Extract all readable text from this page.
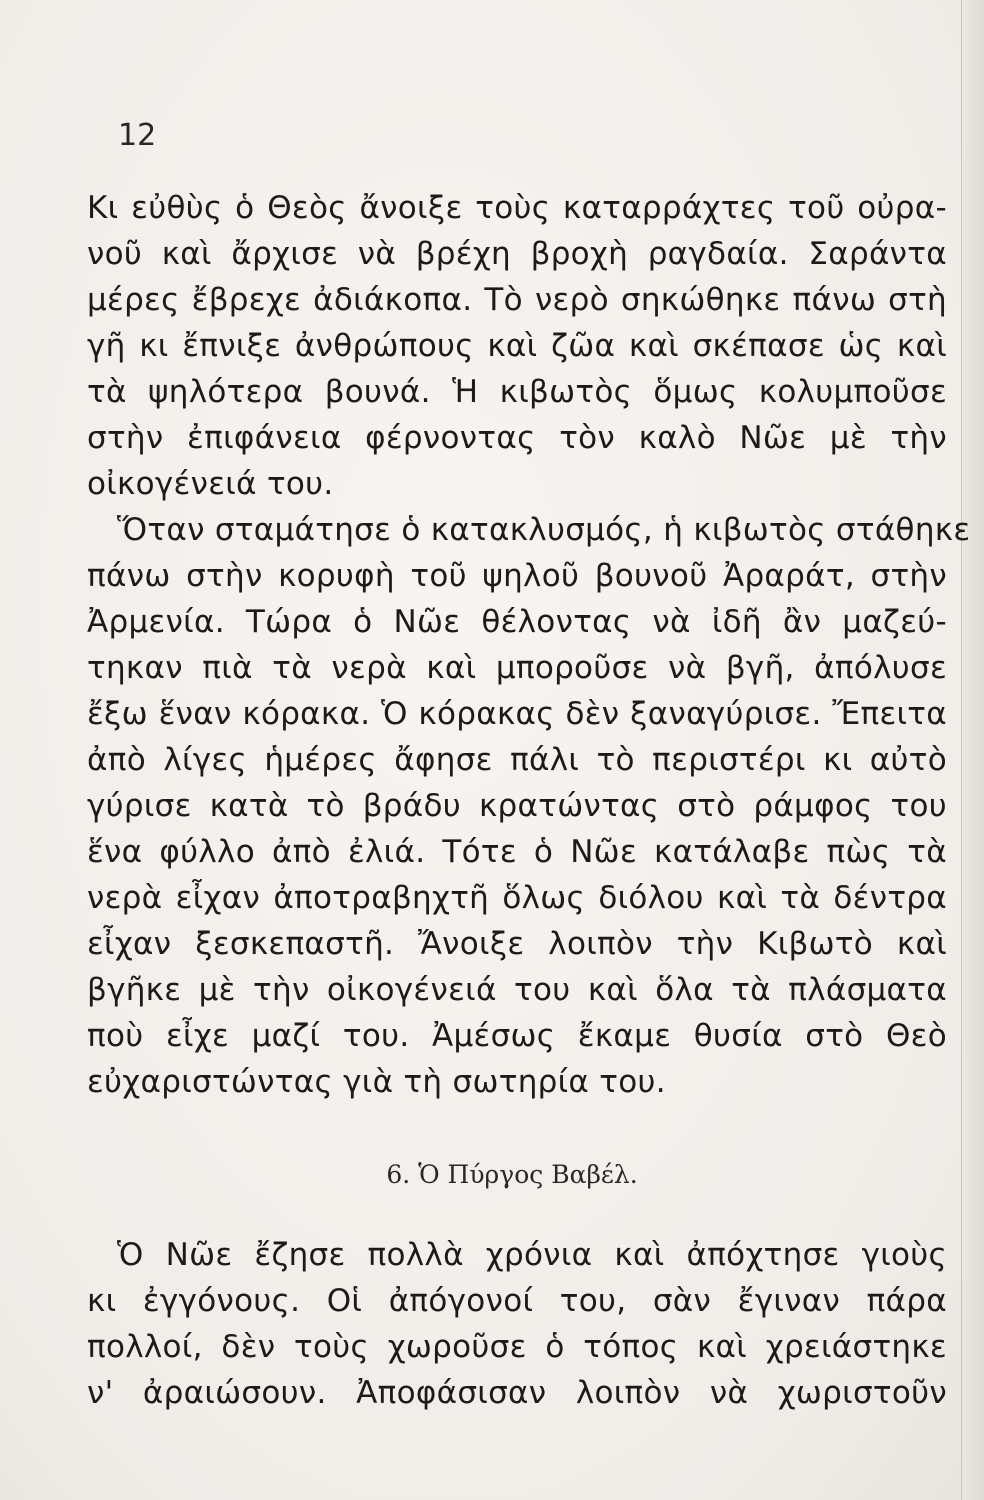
12
Κι εὐθὺς ὁ Θεὸς ἄνοιξε τοὺς καταρράχτες τοῦ οὐρα-
νοῦ καὶ ἄρχισε νὰ βρέχη βροχὴ ραγδαία. Σαράντα
μέρες ἔβρεχε ἀδιάκοπα. Τὸ νερὸ σηκώθηκε πάνω στὴ
γῆ κι ἔπνιξε ἀνθρώπους καὶ ζῶα καὶ σκέπασε ὡς καὶ
τὰ ψηλότερα βουνά. Ἡ κιβωτὸς ὅμως κολυμποῦσε
στὴν ἐπιφάνεια φέρνοντας τὸν καλὸ Νῶε μὲ τὴν
οἰκογένειά του.
Ὅταν σταμάτησε ὁ κατακλυσμός, ἡ κιβωτὸς στάθηκε
πάνω στὴν κορυφὴ τοῦ ψηλοῦ βουνοῦ Ἀραράτ, στὴν
Ἀρμενία. Τώρα ὁ Νῶε θέλοντας νὰ ἰδῆ ἂν μαζεύ-
τηκαν πιὰ τὰ νερὰ καὶ μποροῦσε νὰ βγῆ, ἀπόλυσε
ἔξω ἕναν κόρακα. Ὁ κόρακας δὲν ξαναγύρισε. Ἔπειτα
ἀπὸ λίγες ἡμέρες ἄφησε πάλι τὸ περιστέρι κι αὐτὸ
γύρισε κατὰ τὸ βράδυ κρατώντας στὸ ράμφος του
ἕνα φύλλο ἀπὸ ἐλιά. Τότε ὁ Νῶε κατάλαβε πὼς τὰ
νερὰ εἶχαν ἀποτραβηχτῆ ὅλως διόλου καὶ τὰ δέντρα
εἶχαν ξεσκεπαστῆ. Ἄνοιξε λοιπὸν τὴν Κιβωτὸ καὶ
βγῆκε μὲ τὴν οἰκογένειά του καὶ ὅλα τὰ πλάσματα
ποὺ εἶχε μαζί του. Ἀμέσως ἔκαμε θυσία στὸ Θεὸ
εὐχαριστώντας γιὰ τὴ σωτηρία του.
6. Ὁ Πύργος Βαβέλ.
Ὁ Νῶε ἔζησε πολλὰ χρόνια καὶ ἀπόχτησε γιοὺς
κι ἐγγόνους. Οἱ ἀπόγονοί του, σὰν ἔγιναν πάρα
πολλοί, δὲν τοὺς χωροῦσε ὁ τόπος καὶ χρειάστηκε
ν' ἀραιώσουν. Ἀποφάσισαν λοιπὸν νὰ χωριστοῦν
